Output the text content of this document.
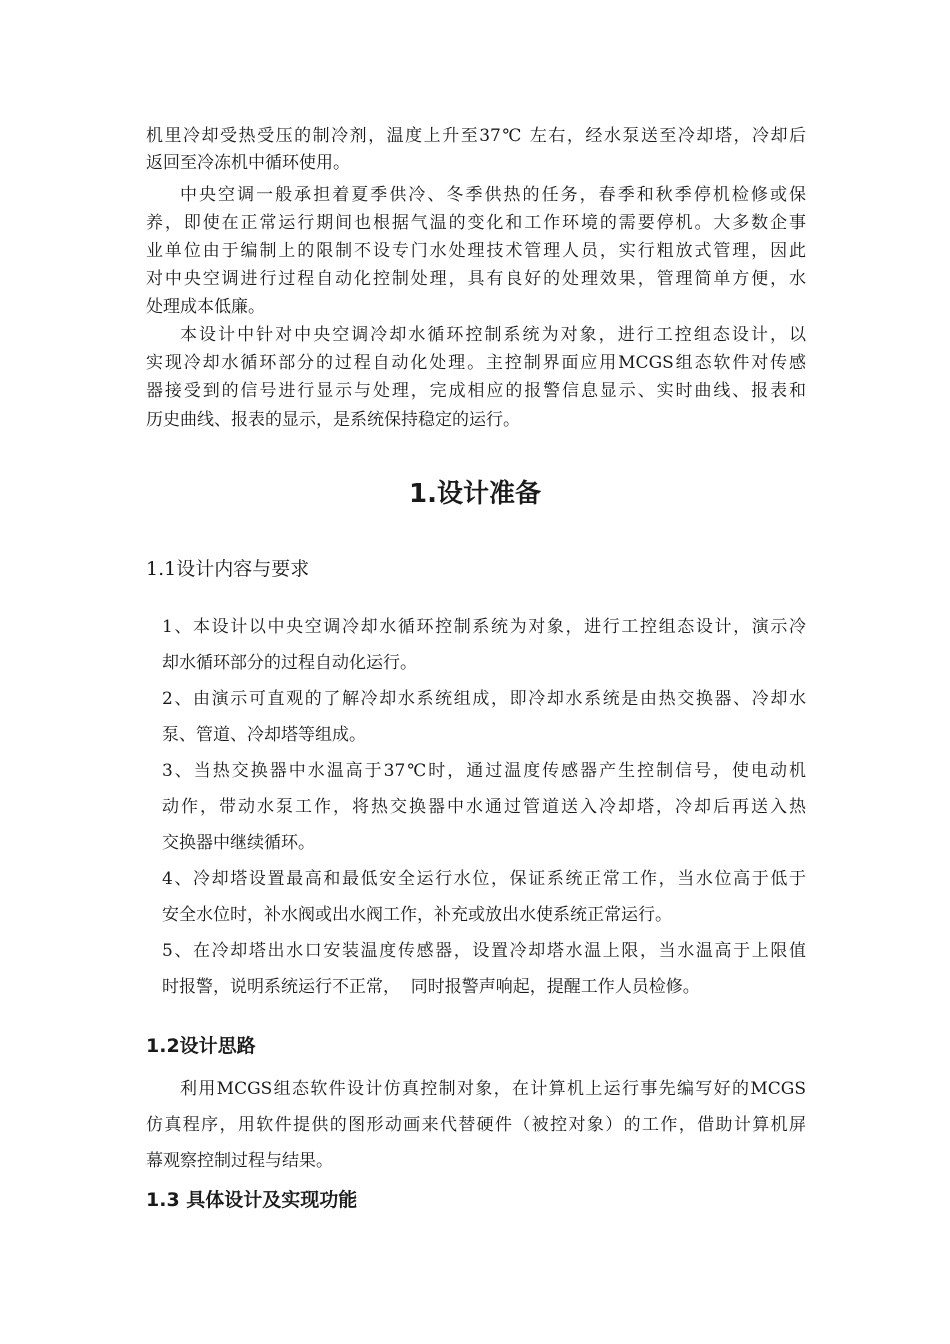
机里冷却受热受压的制冷剂，温度上升至37℃ 左右，经水泵送至冷却塔，冷却后
返回至冷冻机中循环使用。
中央空调一般承担着夏季供冷、冬季供热的任务，春季和秋季停机检修或保
养，即使在正常运行期间也根据气温的变化和工作环境的需要停机。大多数企事
业单位由于编制上的限制不设专门水处理技术管理人员，实行粗放式管理，因此
对中央空调进行过程自动化控制处理，具有良好的处理效果，管理简单方便，水
处理成本低廉。
本设计中针对中央空调冷却水循环控制系统为对象，进行工控组态设计，以
实现冷却水循环部分的过程自动化处理。主控制界面应用MCGS组态软件对传感
器接受到的信号进行显示与处理，完成相应的报警信息显示、实时曲线、报表和
历史曲线、报表的显示，是系统保持稳定的运行。
1.设计准备
1.1设计内容与要求
1、本设计以中央空调冷却水循环控制系统为对象，进行工控组态设计，演示冷
却水循环部分的过程自动化运行。
2、由演示可直观的了解冷却水系统组成，即冷却水系统是由热交换器、冷却水
泵、管道、冷却塔等组成。
3、当热交换器中水温高于37℃时，通过温度传感器产生控制信号，使电动机
动作，带动水泵工作，将热交换器中水通过管道送入冷却塔，冷却后再送入热
交换器中继续循环。
4、冷却塔设置最高和最低安全运行水位，保证系统正常工作，当水位高于低于
安全水位时，补水阀或出水阀工作，补充或放出水使系统正常运行。
5、在冷却塔出水口安装温度传感器，设置冷却塔水温上限，当水温高于上限值
时报警，说明系统运行不正常，  同时报警声响起，提醒工作人员检修。
1.2设计思路
利用MCGS组态软件设计仿真控制对象，在计算机上运行事先编写好的MCGS
仿真程序，用软件提供的图形动画来代替硬件（被控对象）的工作，借助计算机屏
幕观察控制过程与结果。
1.3 具体设计及实现功能
